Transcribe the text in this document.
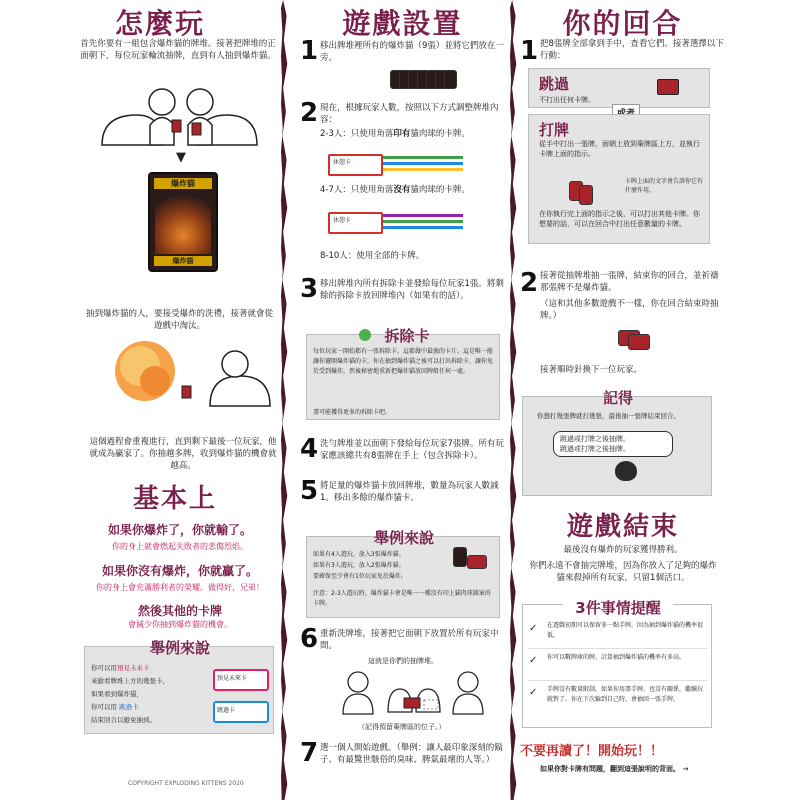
怎麼玩
首先你要有一組包含爆炸貓的牌堆。接著把牌堆的正面朝下，每位玩家輪流抽牌，直到有人抽到爆炸貓。
▼
爆炸貓
爆炸貓
抽到爆炸貓的人，要接受爆炸的洗禮，接著就會從遊戲中淘汰。
這個過程會重複進行，直到剩下最後一位玩家，他就成為贏家了。你抽越多牌，收到爆炸貓的機會就越高。
基本上
如果你爆炸了，你就輸了。
你的身上就會燃起失敗者的悲傷烈焰。
如果你沒有爆炸，你就贏了。
你的身上會充滿勝利者的榮耀。做得好，兄弟！
然後其他的卡牌
會減少你抽到爆炸貓的機會。
舉例來說
你可以用預見未來卡
來偷看牌堆上方的幾張卡，
如果看到爆炸貓，
你可以用 跳過卡
結束回合以避免抽到。
預見未來卡
跳過卡
COPYRIGHT EXPLODING KITTENS 2020
遊戲設置
1 移出牌堆裡所有的爆炸貓（9張）並將它們放在一旁。
2 現在，根據玩家人數，按照以下方式調整牌堆內容：
2-3人：只使用角落印有貓肉球的卡牌。
休憩卡
4-7人：只使用角落沒有貓肉球的卡牌。
休憩卡
8-10人：使用全部的卡牌。
3 移出牌堆內所有拆除卡並發給每位玩家1張。將剩餘的拆除卡放回牌堆內（如果有的話）。
拆除卡
每位玩家一開始都有一張拆除卡，這都做中最強的卡片。這是唯一能讓你避開爆炸貓的卡，你在抽到爆炸貓之後可以打出拆除卡，讓你免於受到爆炸，然後秘密地重新把爆炸貓放回牌組任何一處。
盡可能獲得更多的拆除卡吧。
4 洗勻牌堆並以面朝下發給每位玩家7張牌。所有玩家應該總共有8張牌在手上（包含拆除卡）。
5 將足量的爆炸貓卡放回牌堆，數量為玩家人數減1。移出多餘的爆炸貓卡。
舉例來說
如果有4人遊玩，放入3張爆炸貓。
如果有3人遊玩，放入2張爆炸貓。
要確保至少會有1位玩家免於爆炸。
注意：2-3人遊玩時，爆炸貓卡會是唯一一種沒有印上貓肉球圖案的卡牌。
6 重新洗牌堆，接著把它面朝下放置於所有玩家中間。
這就是你們的抽牌堆。
（記得預留棄牌區的位子。）
7 選一個人開始遊戲。（舉例：讓人最印象深刻的鬍子、有最驚世駭俗的臭味、脾氣最壞的人等。）
你的回合
1 把8張牌全部拿到手中，查看它們。接著選擇以下行動：
跳過
不打出任何卡牌。
打牌
從手中打出一張牌，面朝上放到棄牌區上方，並執行卡牌上面的指示。
卡牌上面的文字會告訴你它有什麼作用。
在你執行完上面的指示之後，可以打出其他卡牌。你想要的話，可以在回合中打出任意數量的卡牌。
2 接著從抽牌堆抽一張牌，結束你的回合，並祈禱那張牌不是爆炸貓。
（這和其他多數遊戲不一樣，你在回合結束時抽牌。）
接著順時針換下一位玩家。
記得
你想打幾張牌就打幾張，最後抽一張牌結束回合。
跳過或打牌之後抽牌。
跳過或打牌之後抽牌。
遊戲結束
最後沒有爆炸的玩家獲得勝利。
你們永遠不會抽完牌堆，因為你放入了足夠的爆炸貓來殺掉所有玩家，只留1個活口。
3件事情提醒
✓ 在遊戲初期可以保留多一點手牌，因為抽到爆炸貓的機率很低。
✓ 你可以數牌庫的牌，計算抽到爆炸貓的機率有多高。
✓ 手牌沒有數量限制，如果你用盡手牌，也沒有關係，繼續玩就對了。你在下次輪到自己時，會抽回一張手牌。
不要再讀了！開始玩！！
如果你對卡牌有問題，翻到這張說明的背面。 →
